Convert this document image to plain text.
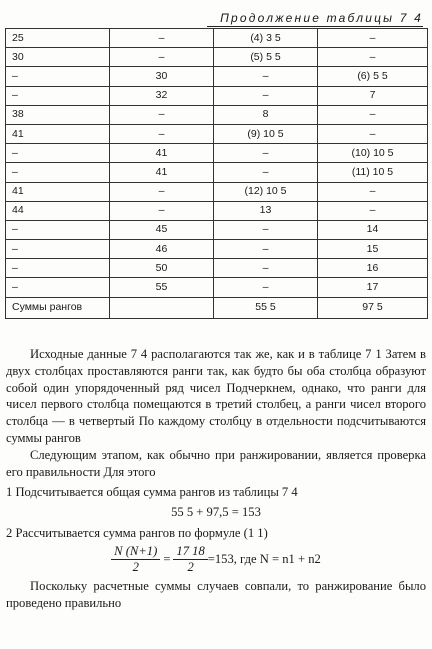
Продолжение таблицы 7 4
25	–	(4) 3 5	–
30	–	(5) 5 5	–
–	30	–	(6) 5 5
–	32	–	7
38	–	8	–
41	–	(9) 10 5	–
–	41	–	(10) 10 5
–	41	–	(11) 10 5
41	–	(12) 10 5	–
44	–	13	–
–	45	–	14
–	46	–	15
–	50	–	16
–	55	–	17
Суммы рангов		55 5	97 5

Исходные данные 7 4 располагаются так же, как и в таблице 7 1 Затем в двух столбцах проставляются ранги так, как будто бы оба столбца образуют собой один упорядоченный ряд чисел Подчеркнем, однако, что ранги для чисел первого столбца помещаются в третий столбец, а ранги чисел второго столбца — в четвертый По каждому столбцу в отдельности подсчитываются суммы рангов

Следующим этапом, как обычно при ранжировании, является проверка его правильности Для этого

1 Подсчитывается общая сумма рангов из таблицы 7 4

55 5 + 97,5 = 153

2 Рассчитывается сумма рангов по формуле (1 1)

$\frac{N (N+1)}{2} = \frac{17 18}{2} =153$, где N = n1 + n2

Поскольку расчетные суммы случаев совпали, то ранжирование было проведено правильно
